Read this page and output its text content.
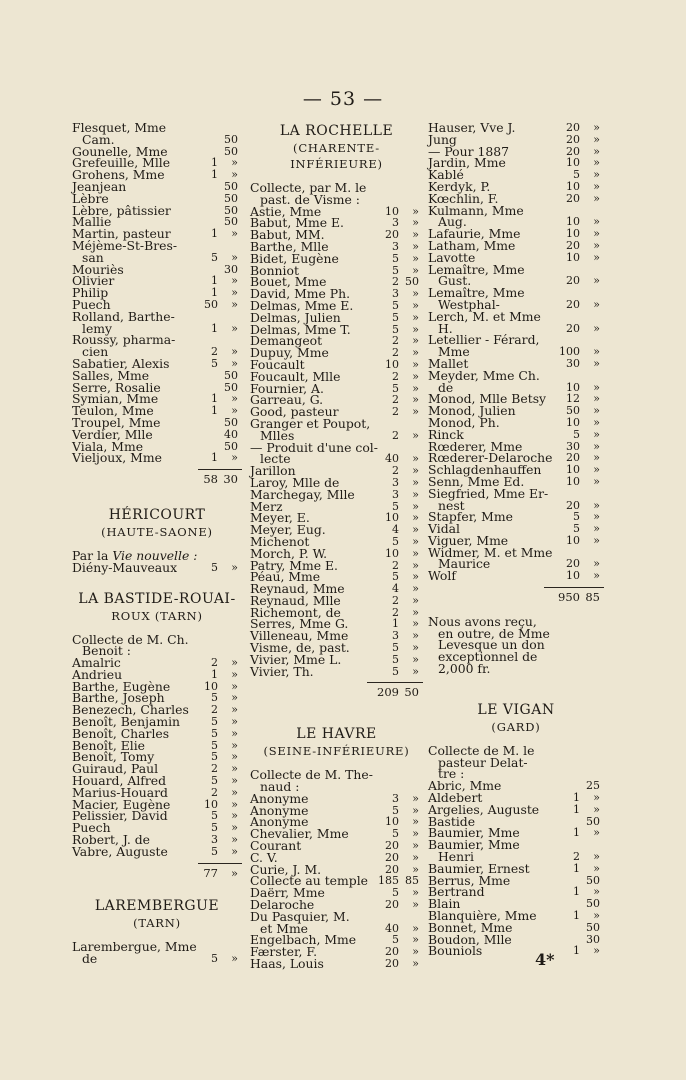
— 53 —
Flesquet, Mme
Cam.	50
Gounelle, Mme	50
Grefeuille, Mlle	1 »
Grohens, Mme	1 »
Jeanjean	50
Lèbre	50
Lèbre, pâtissier	50
Mallie	50
Martin, pasteur	1 »
Méjème-St-Bres-
san	5 »
Mouriès	30
Olivier	1 »
Philip	1 »
Puech	50 »
Rolland, Barthe-
lemy	1 »
Roussy, pharma-
cien	2 »
Sabatier, Alexis	5 »
Salles, Mme	50
Serre, Rosalie	50
Symian, Mme	1 »
Teulon, Mme	1 »
Troupel, Mme	50
Verdier, Mlle	40
Viala, Mme	50
Vieljoux, Mme	1 »
58 30
HÉRICOURT
(HAUTE-SAONE)
Par la Vie nouvelle :
Diény-Mauveaux	5 »
LA BASTIDE-ROUAI-
ROUX (TARN)
Collecte de M. Ch.
Benoit :
Amalric	2 »
Andrieu	1 »
Barthe, Eugène	10 »
Barthe, Joseph	5 »
Benezech, Charles 2 »
Benoît, Benjamin	5 »
Benoît, Charles	5 »
Benoît, Elie	5 »
Benoît, Tomy	5 »
Guiraud, Paul	2 »
Houard, Alfred	5 »
Marius-Houard	2 »
Macier, Eugène	10 »
Pelissier, David	5 »
Puech	5 »
Robert, J. de	3 »
Vabre, Auguste	5 »
77 »
LAREMBERGUE
(TARN)
Larembergue, Mme
de	5 »
LA ROCHELLE
(CHARENTE-INFÉRIEURE)
Collecte, par M. le
past. de Visme :
Astie, Mme	10 »
Babut, Mme E.	3 »
Babut, MM.	20 »
Barthe, Mlle	3 »
Bidet, Eugène	5 »
Bonniot	5 »
Bouet, Mme	2 50
David, Mme Ph.	3 »
Delmas, Mme E.	5 »
Delmas, Julien	5 »
Delmas, Mme T.	5 »
Demangeot	2 »
Dupuy, Mme	2 »
Foucault	10 »
Foucault, Mlle	2 »
Fournier, A.	5 »
Garreau, G.	2 »
Good, pasteur	2 »
Granger et Poupot,
Mlles	2 »
— Produit d'une col-
lecte	40 »
Jarillon	2 »
Laroy, Mlle de	3 »
Marchegay, Mlle	3 »
Merz	5 »
Meyer, E.	10 »
Meyer, Eug.	4 »
Michenot	5 »
Morch, P. W.	10 »
Patry, Mme E.	2 »
Péau, Mme	5 »
Reynaud, Mme	4 »
Reynaud, Mlle	2 »
Richemont, de	2 »
Serres, Mme G.	1 »
Villeneau, Mme	3 »
Visme, de, past.	5 »
Vivier, Mme L.	5 »
Vivier, Th.	5 »
209 50
LE HAVRE
(SEINE-INFÉRIEURE)
Collecte de M. The-
naud :
Anonyme	3 »
Anonyme	5 »
Anonyme	10 »
Chevalier, Mme	5 »
Courant	20 »
C. V.	20 »
Curie, J. M.	20 »
Collecte au temple 185 85
Daërr, Mme	5 »
Delaroche	20 »
Du Pasquier, M.
et Mme	40 »
Engelbach, Mme	5 »
Færster, F.	20 »
Haas, Louis	20 »
Hauser, Vve J.	20 »
Jung	20 »
— Pour 1887	20 »
Jardin, Mme	10 »
Kablé	5 »
Kerdyk, P.	10 »
Kœchlin, F.	20 »
Kulmann, Mme
Aug.	10 »
Lafaurie, Mme	10 »
Latham, Mme	20 »
Lavotte	10 »
Lemaître, Mme
Gust.	20 »
Lemaître, Mme
Westphal-	20 »
Lerch, M. et Mme
H.	20 »
Letellier - Férard,
Mme	100 »
Mallet	30 »
Meyder, Mme Ch.
de	10 »
Monod, Mlle Betsy 12 »
Monod, Julien	50 »
Monod, Ph.	10 »
Rinck	5 »
Rœderer, Mme	30 »
Rœderer-Delaroche 20 »
Schlagdenhauffen 10 »
Senn, Mme Ed.	10 »
Siegfried, Mme Er-
nest	20 »
Stapfer, Mme	5 »
Vidal	5 »
Viguer, Mme	10 »
Widmer, M. et Mme
Maurice	20 »
Wolf	10 »
950 85
Nous avons reçu,
en outre, de Mme
Levesque un don
exceptionnel de
2,000 fr.
LE VIGAN
(GARD)
Collecte de M. le
pasteur Delat-
tre :
Abric, Mme	25
Aldebert	1 »
Argelies, Auguste	1 »
Bastide	50
Baumier, Mme	1 »
Baumier, Mme
Henri	2 »
Baumier, Ernest	1 »
Berrus, Mme	50
Bertrand	1 »
Blain	50
Blanquière, Mme	1 »
Bonnet, Mme	50
Boudon, Mlle	30
Bouniols	1 »
4*
